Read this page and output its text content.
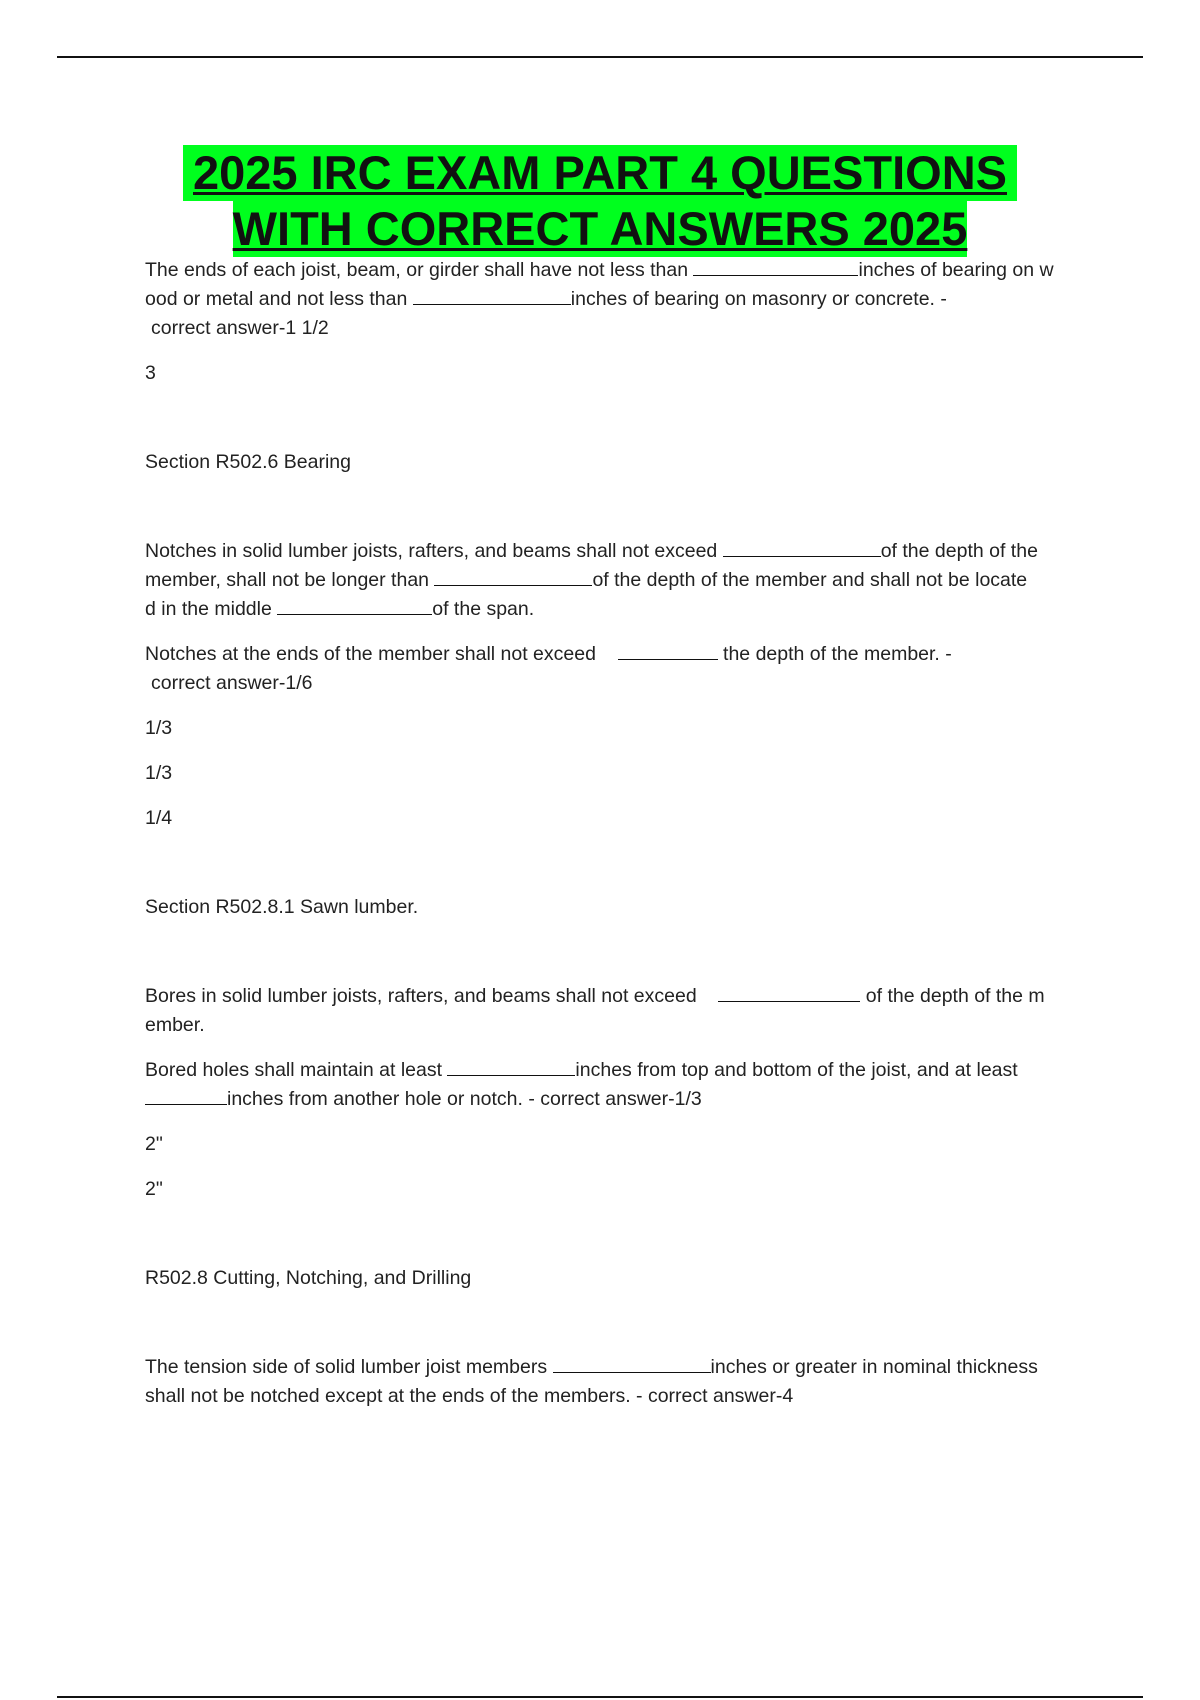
2025 IRC EXAM PART 4 QUESTIONS
WITH CORRECT ANSWERS 2025

The ends of each joist, beam, or girder shall have not less than	inches of bearing on w

ood or metal and not less than	inches of bearing on masonry or concrete. -

correct answer-1 1/2

3

Section R502.6 Bearing

Notches in solid lumber joists, rafters, and beams shall not exceed	of the depth of the

member, shall not be longer than	of the depth of the member and shall not be locate

d in the middle	of the span.

Notches at the ends of the member shall not exceed	the depth of the member. -

correct answer-1/6

1/3

1/3

1/4

Section R502.8.1 Sawn lumber.

Bores in solid lumber joists, rafters, and beams shall not exceed	of the depth of the m

ember.

Bored holes shall maintain at least	inches from top and bottom of the joist, and at least

inches from another hole or notch. - correct answer-1/3

2"

2"

R502.8 Cutting, Notching, and Drilling

The tension side of solid lumber joist members	inches or greater in nominal thickness

shall not be notched except at the ends of the members. - correct answer-4
